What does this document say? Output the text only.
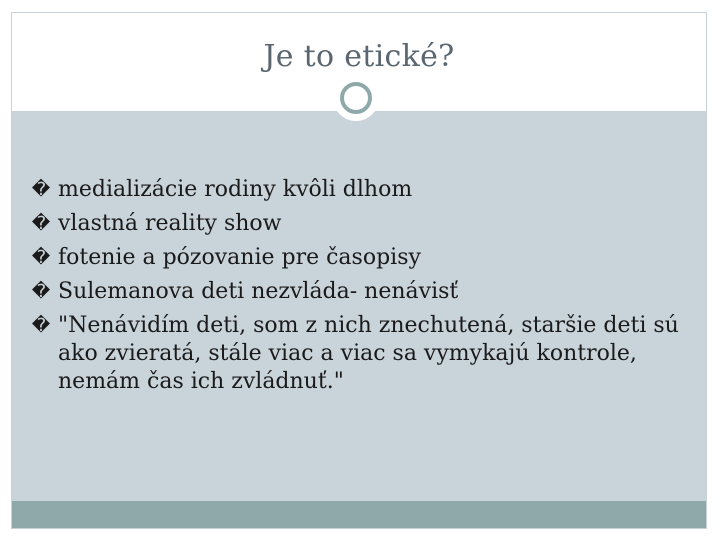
Je to etické?
� medializácie rodiny kvôli dlhom
� vlastná reality show
� fotenie a pózovanie pre časopisy
� Sulemanova deti nezvláda- nenávisť
� "Nenávidím deti, som z nich znechutená, staršie deti sú ako zvieratá, stále viac a viac sa vymykajú kontrole, nemám čas ich zvládnuť."
